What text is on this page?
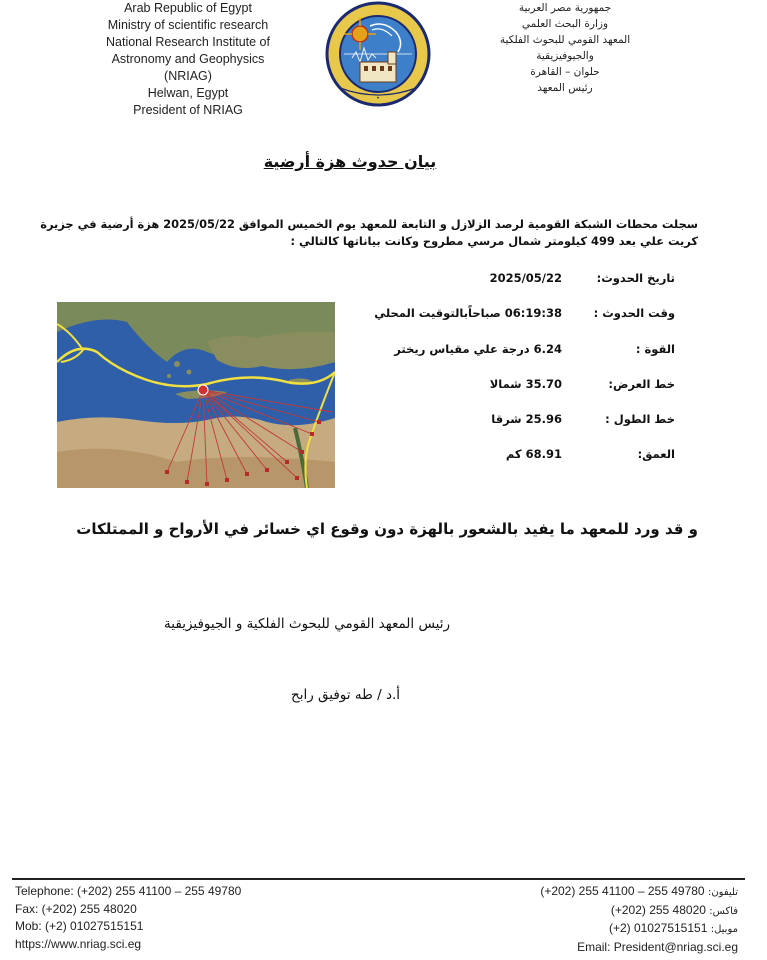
Arab Republic of Egypt
Ministry of scientific research
National Research Institute of
Astronomy and Geophysics
(NRIAG)
Helwan, Egypt
President of NRIAG
•
جمهورية مصر العربية
وزارة البحث العلمي
المعهد القومي للبحوث الفلكية
والجيوفيزيقية
حلوان – القاهرة
رئيس المعهد
بيان حدوث هزة أرضية
سجلت محطات الشبكة القومية لرصد الزلازل و التابعة للمعهد يوم الخميس الموافق 2025/05/22 هزة أرضية في جزيرة كريت علي بعد 499 كيلومتر شمال مرسي مطروح وكانت بياناتها كالتالي :
تاريخ الحدوث:
2025/05/22
وقت الحدوث :
06:19:38 صباحاًبالتوقيت المحلي
القوة :
6.24 درجة علي مقياس ريختر
خط العرض:
35.70 شمالا
خط الطول :
25.96 شرقا
العمق:
68.91 كم
و قد ورد للمعهد ما يفيد بالشعور بالهزة دون وقوع اي خسائر في الأرواح و الممتلكات
رئيس المعهد القومي للبحوث الفلكية و الجيوفيزيقية
أ.د / طه توفيق رابح
Telephone: (+202) 255 41100 – 255 49780
Fax: (+202) 255 48020
Mob: (+2) 01027515151
https://www.nriag.sci.eg
(+202) 255 41100 – 255 49780 :تليفون
(+202) 255 48020 :فاكس
(+2) 01027515151 :موبيل
Email: President@nriag.sci.eg
